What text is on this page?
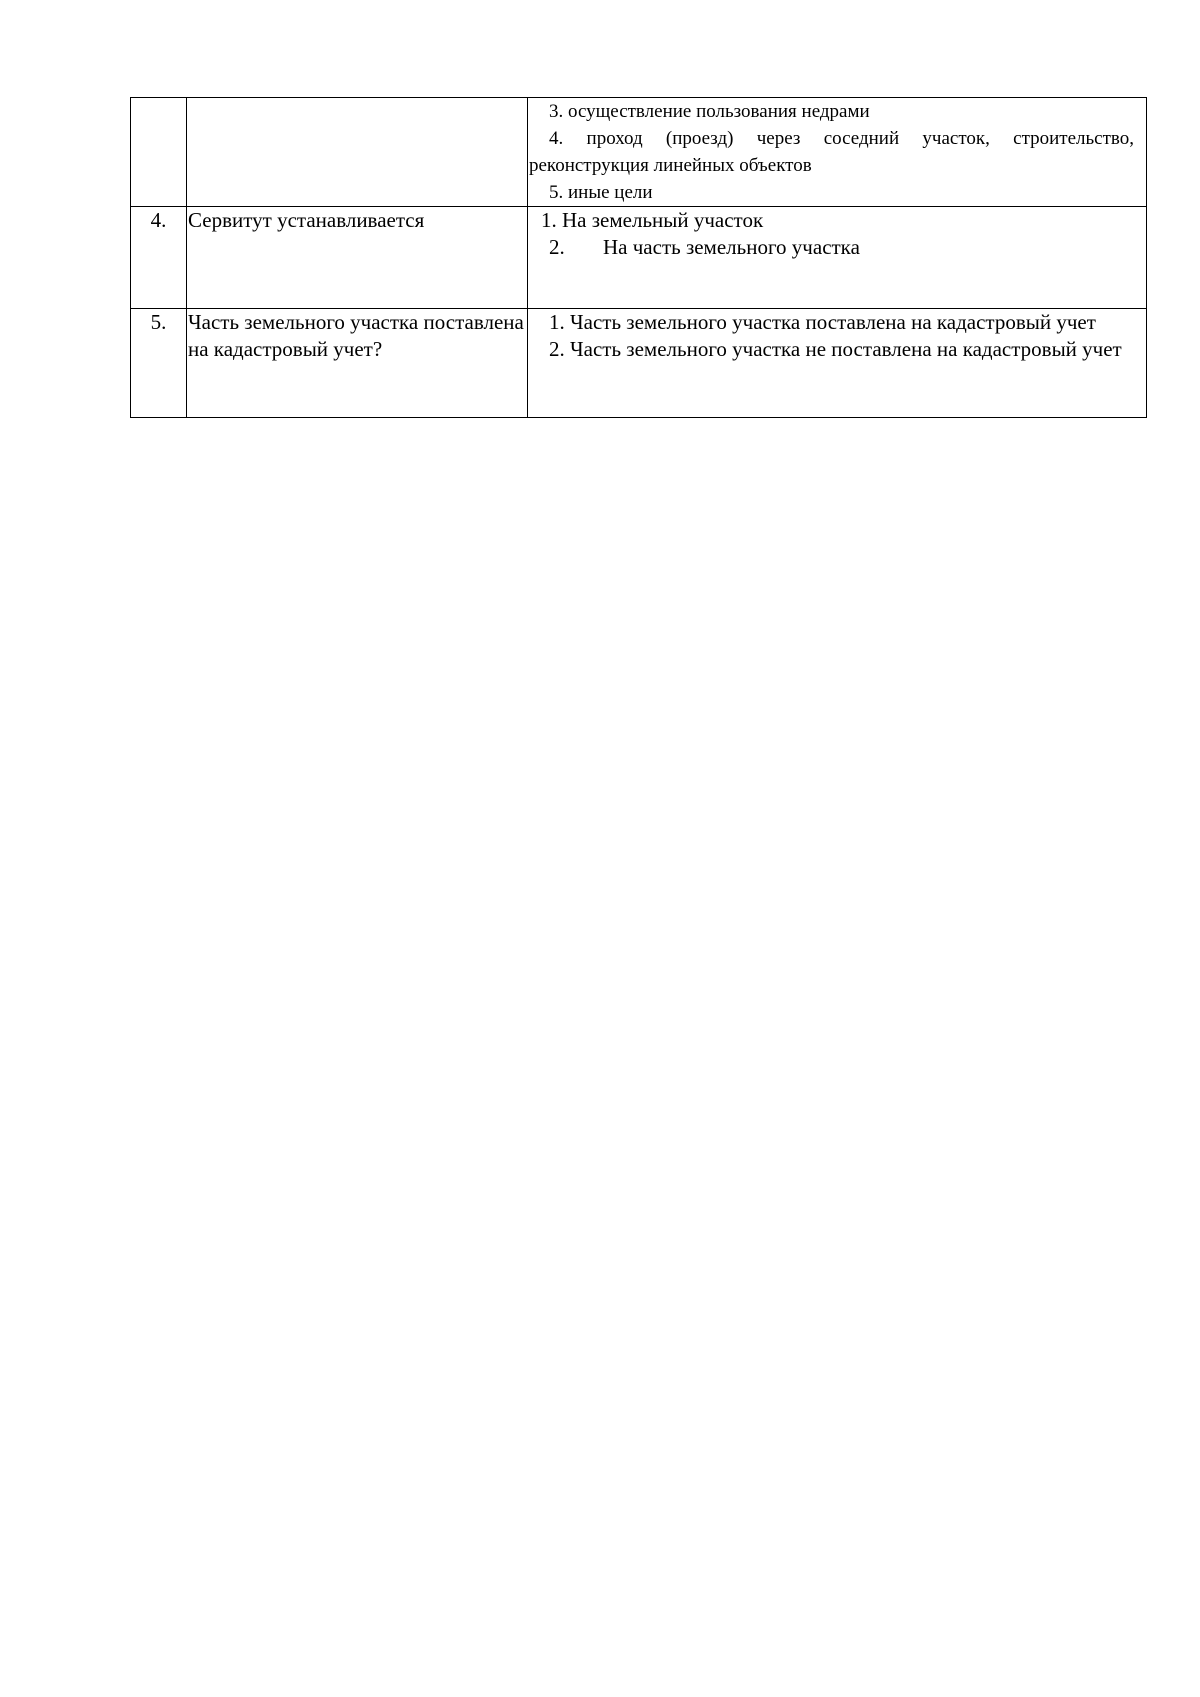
		3. осуществление пользования недрами
4. проход (проезд) через соседний участок, строительство, реконструкция линейных объектов
5. иные цели

4.	Сервитут устанавливается	1. На земельный участок
2. На часть земельного участка

5.	Часть земельного участка поставлена на кадастровый учет?	1. Часть земельного участка поставлена на кадастровый учет
2. Часть земельного участка не поставлена на кадастровый учет
